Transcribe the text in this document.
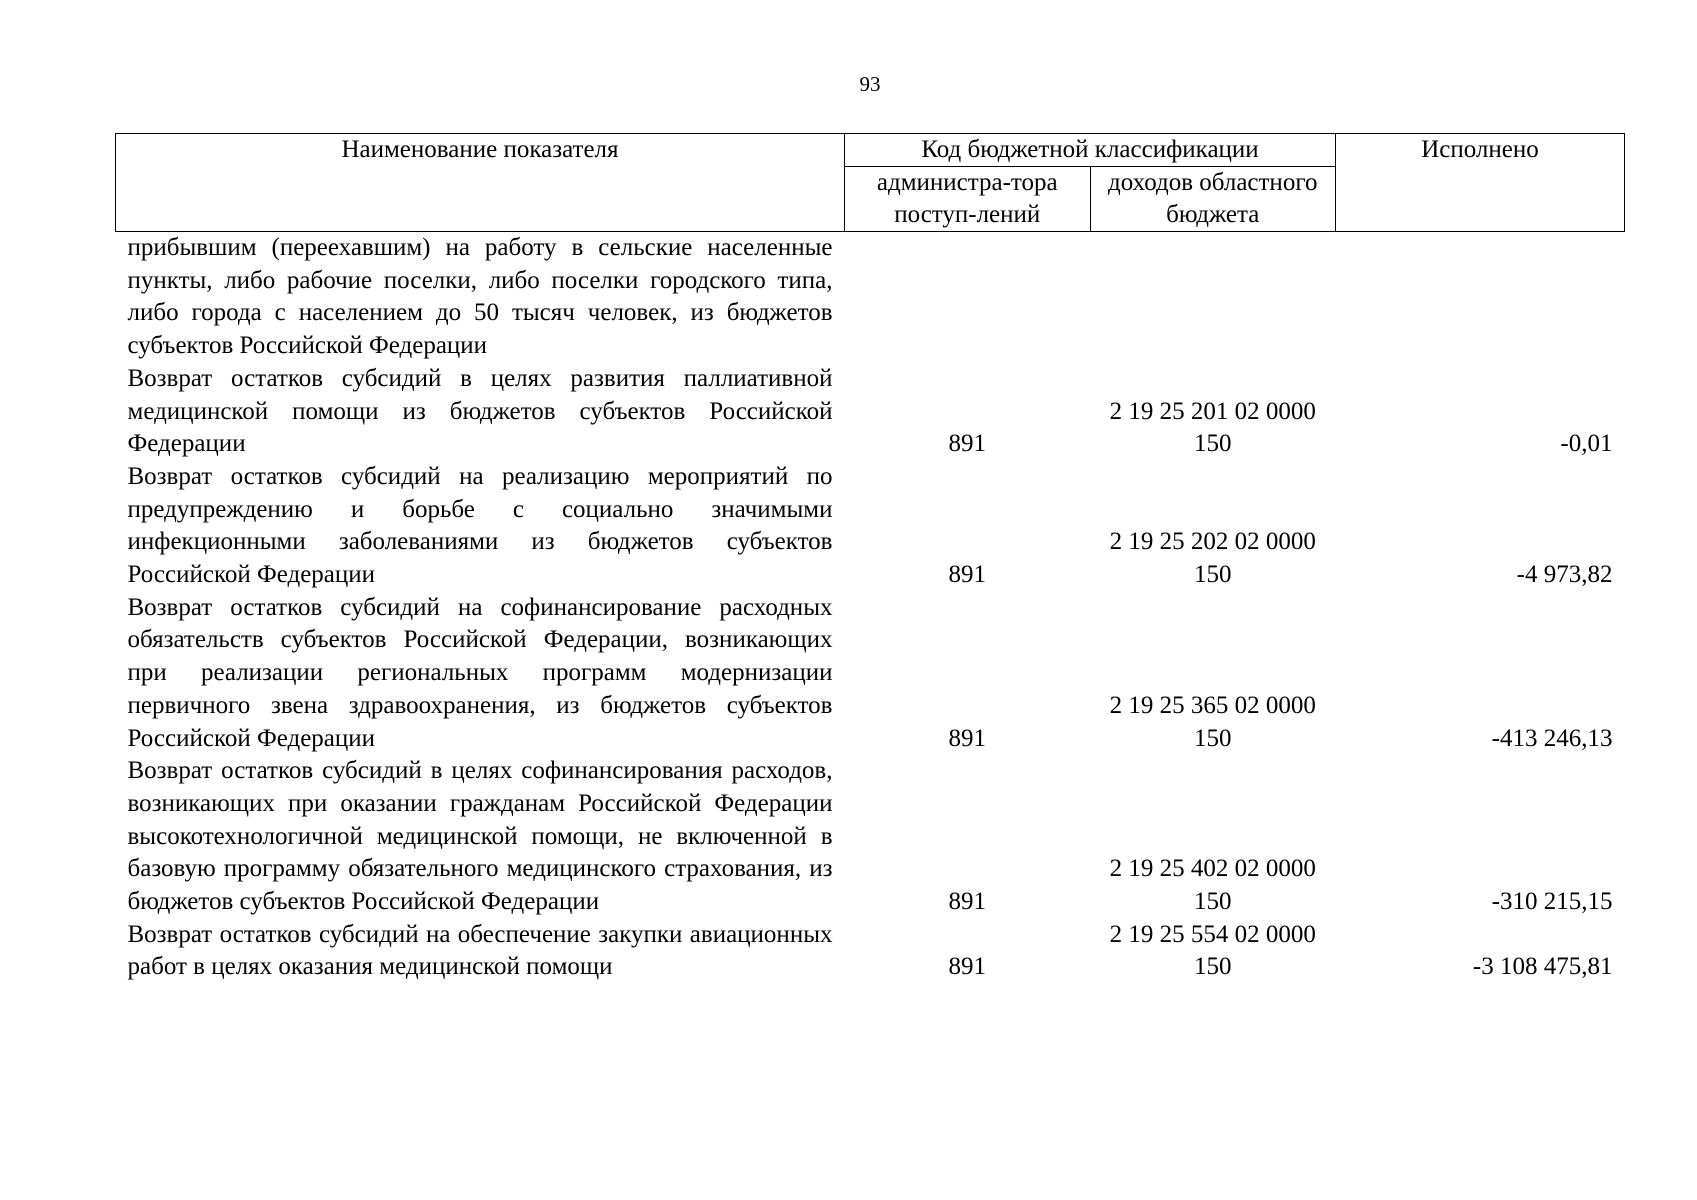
93
Наименование показателя	Код бюджетной классификации		Исполнено
	администра-тора поступ-лений	доходов областного бюджета	
прибывшим (переехавшим) на работу в сельские населенные пункты, либо рабочие поселки, либо поселки городского типа, либо города с населением до 50 тысяч человек, из бюджетов субъектов Российской Федерации			
Возврат остатков субсидий в целях развития паллиативной медицинской помощи из бюджетов субъектов Российской Федерации	891	2 19 25 201 02 0000 150	-0,01
Возврат остатков субсидий на реализацию мероприятий по предупреждению и борьбе с социально значимыми инфекционными заболеваниями из бюджетов субъектов Российской Федерации	891	2 19 25 202 02 0000 150	-4 973,82
Возврат остатков субсидий на софинансирование расходных обязательств субъектов Российской Федерации, возникающих при реализации региональных программ модернизации первичного звена здравоохранения, из бюджетов субъектов Российской Федерации	891	2 19 25 365 02 0000 150	-413 246,13
Возврат остатков субсидий в целях софинансирования расходов, возникающих при оказании гражданам Российской Федерации высокотехнологичной медицинской помощи, не включенной в базовую программу обязательного медицинского страхования, из бюджетов субъектов Российской Федерации	891	2 19 25 402 02 0000 150	-310 215,15
Возврат остатков субсидий на обеспечение закупки авиационных работ в целях оказания медицинской помощи	891	2 19 25 554 02 0000 150	-3 108 475,81
